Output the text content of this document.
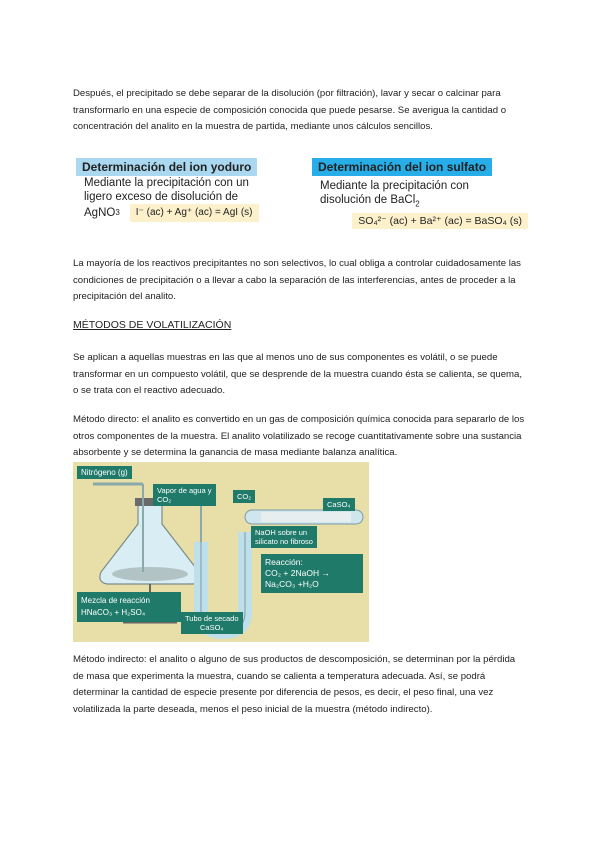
Después, el precipitado se debe separar de la disolución (por filtración), lavar y secar o calcinar para transformarlo en una especie de composición conocida que puede pesarse. Se averigua la cantidad o concentración del analito en la muestra de partida, mediante unos cálculos sencillos.

Determinación del ion yoduro
Mediante la precipitación con un
ligero exceso de disolución de
AgNO 3	I⁻ (ac) + Ag⁺ (ac) = AgI (s)
Determinación del ion sulfato
Mediante la precipitación con
disolución de BaCl$_2$
SO₄²⁻ (ac) + Ba²⁺ (ac) = BaSO₄ (s)

La mayoría de los reactivos precipitantes no son selectivos, lo cual obliga a controlar cuidadosamente las condiciones de precipitación o a llevar a cabo la separación de las interferencias, antes de proceder a la precipitación del analito.

MÉTODOS DE VOLATILIZACIÓN

Se aplican a aquellas muestras en las que al menos uno de sus componentes es volátil, o se puede transformar en un compuesto volátil, que se desprende de la muestra cuando ésta se calienta, se quema, o se trata con el reactivo adecuado.

Método directo: el analito es convertido en un gas de composición química conocida para separarlo de los otros componentes de la muestra. El analito volatilizado se recoge cuantitativamente sobre una sustancia absorbente y se determina la ganancia de masa mediante balanza analítica.

Nitrógeno (g)
Vapor de agua y
CO₂	CO₂
CaSO₄
NaOH sobre un
silicato no fibroso
Reacción:
CO₂ + 2NaOH →
Na₂CO₃ +H₂O
Mezcla de reacción
HNaCO₃ + H₂SO₄
Tubo de secado
CaSO₄

Método indirecto: el analito o alguno de sus productos de descomposición, se determinan por la pérdida de masa que experimenta la muestra, cuando se calienta a temperatura adecuada. Así, se podrá determinar la cantidad de especie presente por diferencia de pesos, es decir, el peso final, una vez volatilizada la parte deseada, menos el peso inicial de la muestra (método indirecto).
